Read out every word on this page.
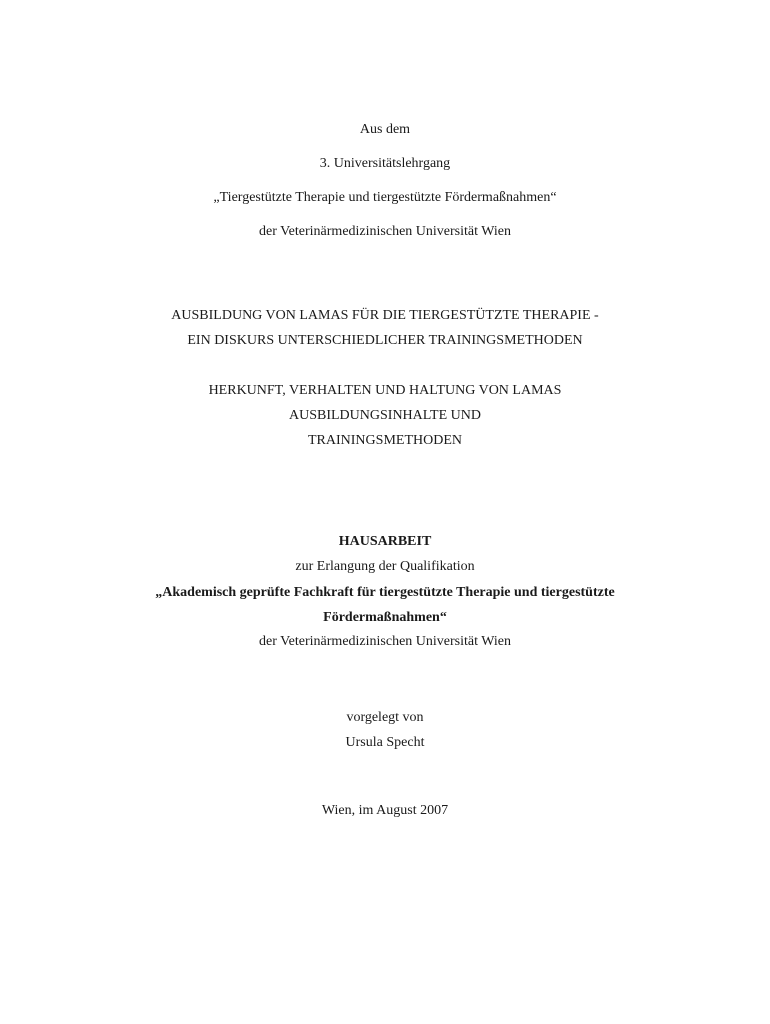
Aus dem
3. Universitätslehrgang
„Tiergestützte Therapie und tiergestützte Fördermaßnahmen“
der Veterinärmedizinischen Universität Wien
AUSBILDUNG VON LAMAS FÜR DIE TIERGESTÜTZTE THERAPIE -
EIN DISKURS UNTERSCHIEDLICHER TRAININGSMETHODEN
HERKUNFT, VERHALTEN UND HALTUNG VON LAMAS
AUSBILDUNGSINHALTE UND
TRAININGSMETHODEN
HAUSARBEIT
zur Erlangung der Qualifikation
„Akademisch geprüfte Fachkraft für tiergestützte Therapie und tiergestützte
Fördermaßnahmen“
der Veterinärmedizinischen Universität Wien
vorgelegt von
Ursula Specht
Wien, im August 2007
